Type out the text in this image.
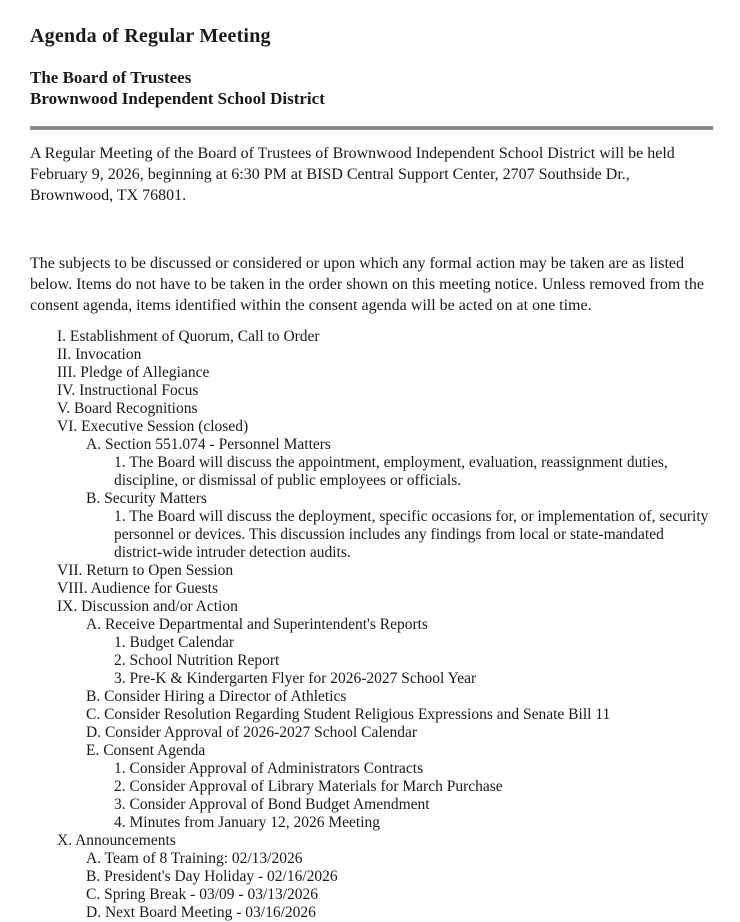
Agenda of Regular Meeting
The Board of Trustees
Brownwood Independent School District

A Regular Meeting of the Board of Trustees of Brownwood Independent School District will be held February 9, 2026, beginning at 6:30 PM at BISD Central Support Center, 2707 Southside Dr., Brownwood, TX 76801.

The subjects to be discussed or considered or upon which any formal action may be taken are as listed below. Items do not have to be taken in the order shown on this meeting notice. Unless removed from the consent agenda, items identified within the consent agenda will be acted on at one time.

I. Establishment of Quorum, Call to Order
II. Invocation
III. Pledge of Allegiance
IV. Instructional Focus
V. Board Recognitions
VI. Executive Session (closed)
A. Section 551.074 - Personnel Matters
1. The Board will discuss the appointment, employment, evaluation, reassignment duties, discipline, or dismissal of public employees or officials.
B. Security Matters
1. The Board will discuss the deployment, specific occasions for, or implementation of, security personnel or devices. This discussion includes any findings from local or state-mandated district-wide intruder detection audits.
VII. Return to Open Session
VIII. Audience for Guests
IX. Discussion and/or Action
A. Receive Departmental and Superintendent's Reports
1. Budget Calendar
2. School Nutrition Report
3. Pre-K & Kindergarten Flyer for 2026-2027 School Year
B. Consider Hiring a Director of Athletics
C. Consider Resolution Regarding Student Religious Expressions and Senate Bill 11
D. Consider Approval of 2026-2027 School Calendar
E. Consent Agenda
1. Consider Approval of Administrators Contracts
2. Consider Approval of Library Materials for March Purchase
3. Consider Approval of Bond Budget Amendment
4. Minutes from January 12, 2026 Meeting
X. Announcements
A. Team of 8 Training: 02/13/2026
B. President's Day Holiday - 02/16/2026
C. Spring Break - 03/09 - 03/13/2026
D. Next Board Meeting - 03/16/2026
